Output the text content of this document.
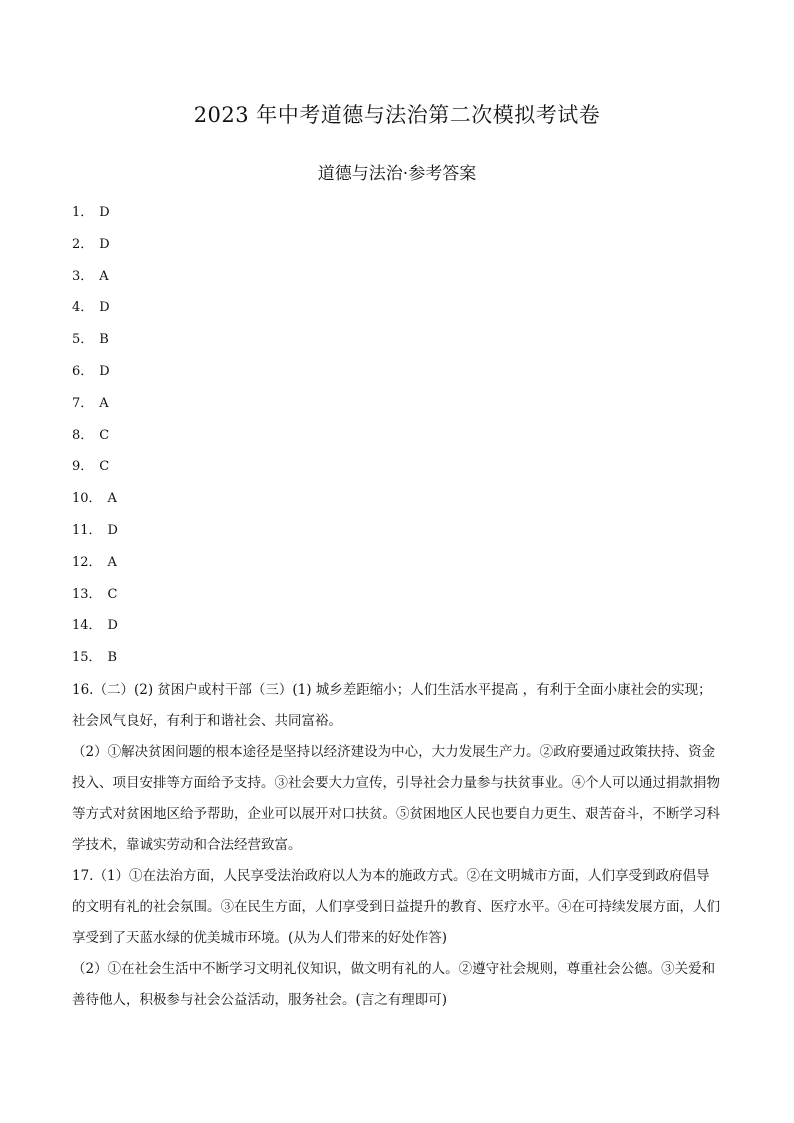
2023 年中考道德与法治第二次模拟考试卷
道德与法治·参考答案
1． D
2． D
3． A
4． D
5． B
6． D
7． A
8． C
9． C
10． A
11． D
12． A
13． C
14． D
15． B

16.（二）(2) 贫困户或村干部（三）(1) 城乡差距缩小；人们生活水平提高 ，有利于全面小康社会的实现；社会风气良好，有利于和谐社会、共同富裕。

（2）①解决贫困问题的根本途径是坚持以经济建设为中心，大力发展生产力。②政府要通过政策扶持、资金投入、项目安排等方面给予支持。③社会要大力宣传，引导社会力量参与扶贫事业。④个人可以通过捐款捐物等方式对贫困地区给予帮助，企业可以展开对口扶贫。⑤贫困地区人民也要自力更生、艰苦奋斗，不断学习科学技术，靠诚实劳动和合法经营致富。

17.（1）①在法治方面，人民享受法治政府以人为本的施政方式。②在文明城市方面，人们享受到政府倡导的文明有礼的社会氛围。③在民生方面，人们享受到日益提升的教育、医疗水平。④在可持续发展方面，人们享受到了天蓝水绿的优美城市环境。(从为人们带来的好处作答)

（2）①在社会生活中不断学习文明礼仪知识，做文明有礼的人。②遵守社会规则，尊重社会公德。③关爱和善待他人，积极参与社会公益活动，服务社会。(言之有理即可)
